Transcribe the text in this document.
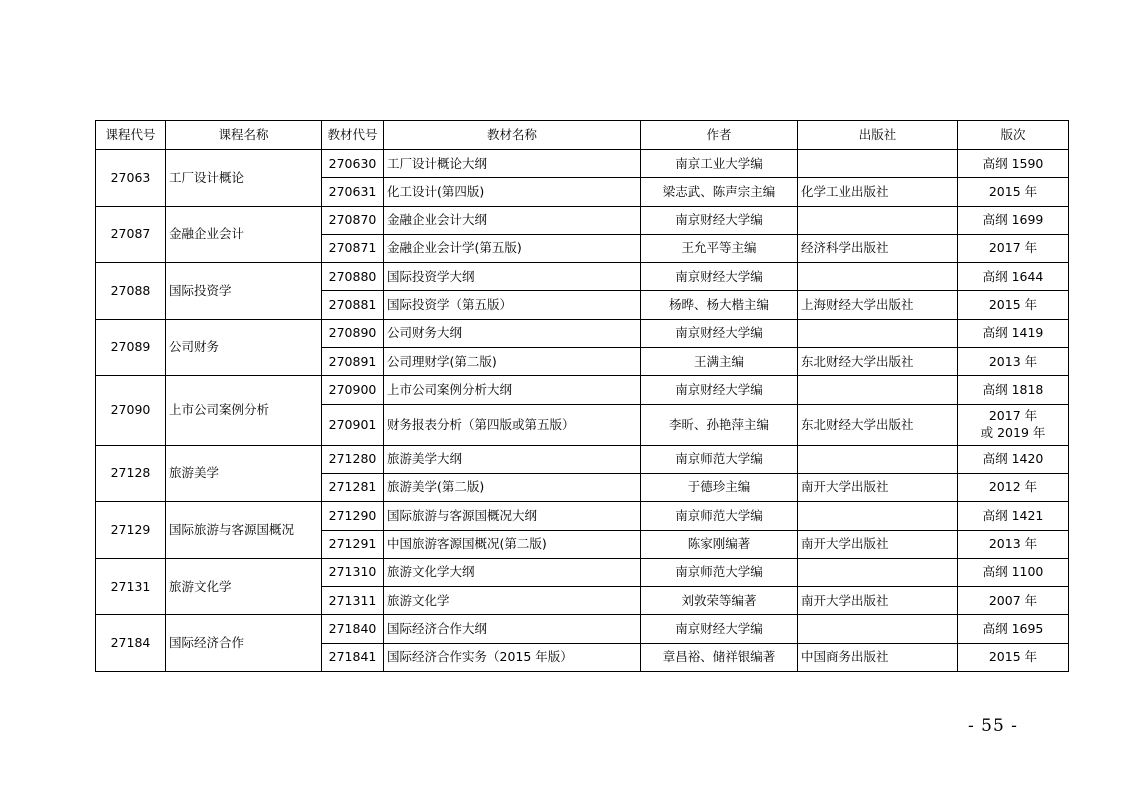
课程代号	课程名称	教材代号	教材名称	作者	出版社	版次
27063	工厂设计概论	270630	工厂设计概论大纲	南京工业大学编		高纲 1590
		270631	化工设计(第四版)	梁志武、陈声宗主编	化学工业出版社	2015 年
27087	金融企业会计	270870	金融企业会计大纲	南京财经大学编		高纲 1699
		270871	金融企业会计学(第五版)	王允平等主编	经济科学出版社	2017 年
27088	国际投资学	270880	国际投资学大纲	南京财经大学编		高纲 1644
		270881	国际投资学（第五版）	杨晔、杨大楷主编	上海财经大学出版社	2015 年
27089	公司财务	270890	公司财务大纲	南京财经大学编		高纲 1419
		270891	公司理财学(第二版)	王满主编	东北财经大学出版社	2013 年
27090	上市公司案例分析	270900	上市公司案例分析大纲	南京财经大学编		高纲 1818
		270901	财务报表分析（第四版或第五版）	李昕、孙艳萍主编	东北财经大学出版社	2017 年
或 2019 年

27128	旅游美学	271280	旅游美学大纲	南京师范大学编		高纲 1420
		271281	旅游美学(第二版)	于德珍主编	南开大学出版社	2012 年
27129	国际旅游与客源国概况	271290	国际旅游与客源国概况大纲	南京师范大学编		高纲 1421
		271291	中国旅游客源国概况(第二版)	陈家刚编著	南开大学出版社	2013 年
27131	旅游文化学	271310	旅游文化学大纲	南京师范大学编		高纲 1100
		271311	旅游文化学	刘敦荣等编著	南开大学出版社	2007 年
27184	国际经济合作	271840	国际经济合作大纲	南京财经大学编		高纲 1695
		271841	国际经济合作实务（2015 年版）	章昌裕、储祥银编著	中国商务出版社	2015 年
- 55 -
